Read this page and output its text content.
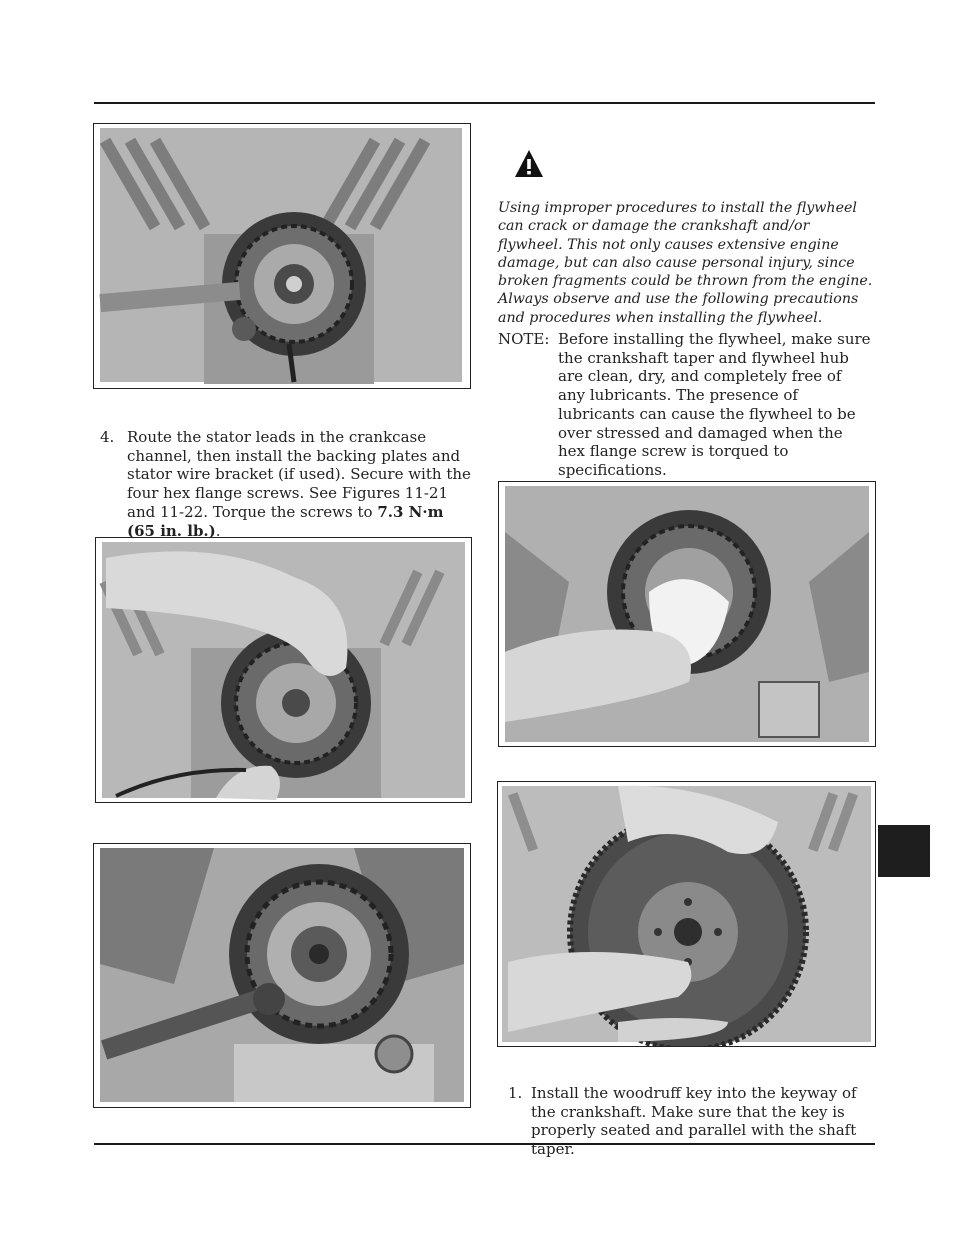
Using improper procedures to install the flywheel can crack or damage the crankshaft and/or flywheel. This not only causes extensive engine damage, but can also cause personal injury, since broken fragments could be thrown from the engine. Always observe and use the following precautions and procedures when installing the flywheel.
NOTE: Before installing the flywheel, make sure the crankshaft taper and flywheel hub are clean, dry, and completely free of any lubricants. The presence of lubricants can cause the flywheel to be over stressed and damaged when the hex flange screw is torqued to specifications.
4. Route the stator leads in the crankcase channel, then install the backing plates and stator wire bracket (if used). Secure with the four hex flange screws. See Figures 11-21 and 11-22. Torque the screws to 7.3 N·m (65 in. lb.).
1. Install the woodruff key into the keyway of the crankshaft. Make sure that the key is properly seated and parallel with the shaft taper.
